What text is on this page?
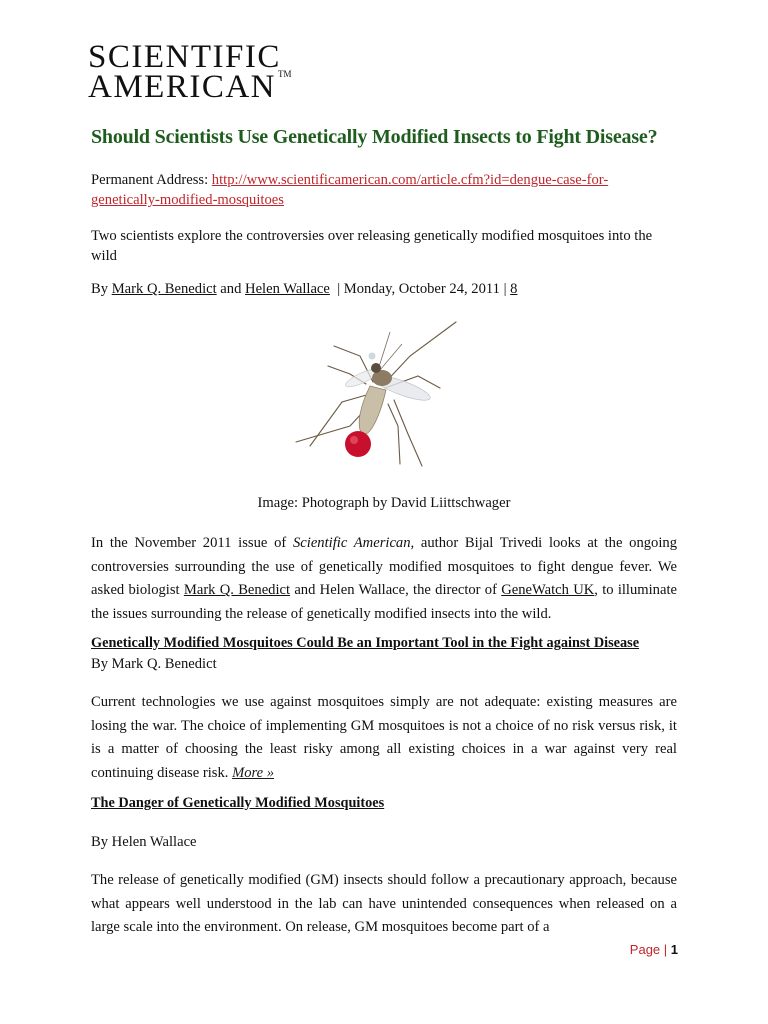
SCIENTIFIC
AMERICAN ™
Should Scientists Use Genetically Modified Insects to Fight Disease?
Permanent Address: http://www.scientificamerican.com/article.cfm?id=dengue-case-for-
genetically-modified-mosquitoes
Two scientists explore the controversies over releasing genetically modified mosquitoes into the wild
By Mark Q. Benedict and Helen Wallace  | Monday, October 24, 2011 | 8
Image: Photograph by David Liittschwager
In the November 2011 issue of Scientific American, author Bijal Trivedi looks at the ongoing controversies surrounding the use of genetically modified mosquitoes to fight dengue fever. We asked biologist Mark Q. Benedict and Helen Wallace, the director of GeneWatch UK, to illuminate the issues surrounding the release of genetically modified insects into the wild.
Genetically Modified Mosquitoes Could Be an Important Tool in the Fight against Disease
By Mark Q. Benedict
Current technologies we use against mosquitoes simply are not adequate: existing measures are losing the war. The choice of implementing GM mosquitoes is not a choice of no risk versus risk, it is a matter of choosing the least risky among all existing choices in a war against very real continuing disease risk. More »
The Danger of Genetically Modified Mosquitoes
By Helen Wallace
The release of genetically modified (GM) insects should follow a precautionary approach, because what appears well understood in the lab can have unintended consequences when released on a large scale into the environment. On release, GM mosquitoes become part of a
Page | 1
